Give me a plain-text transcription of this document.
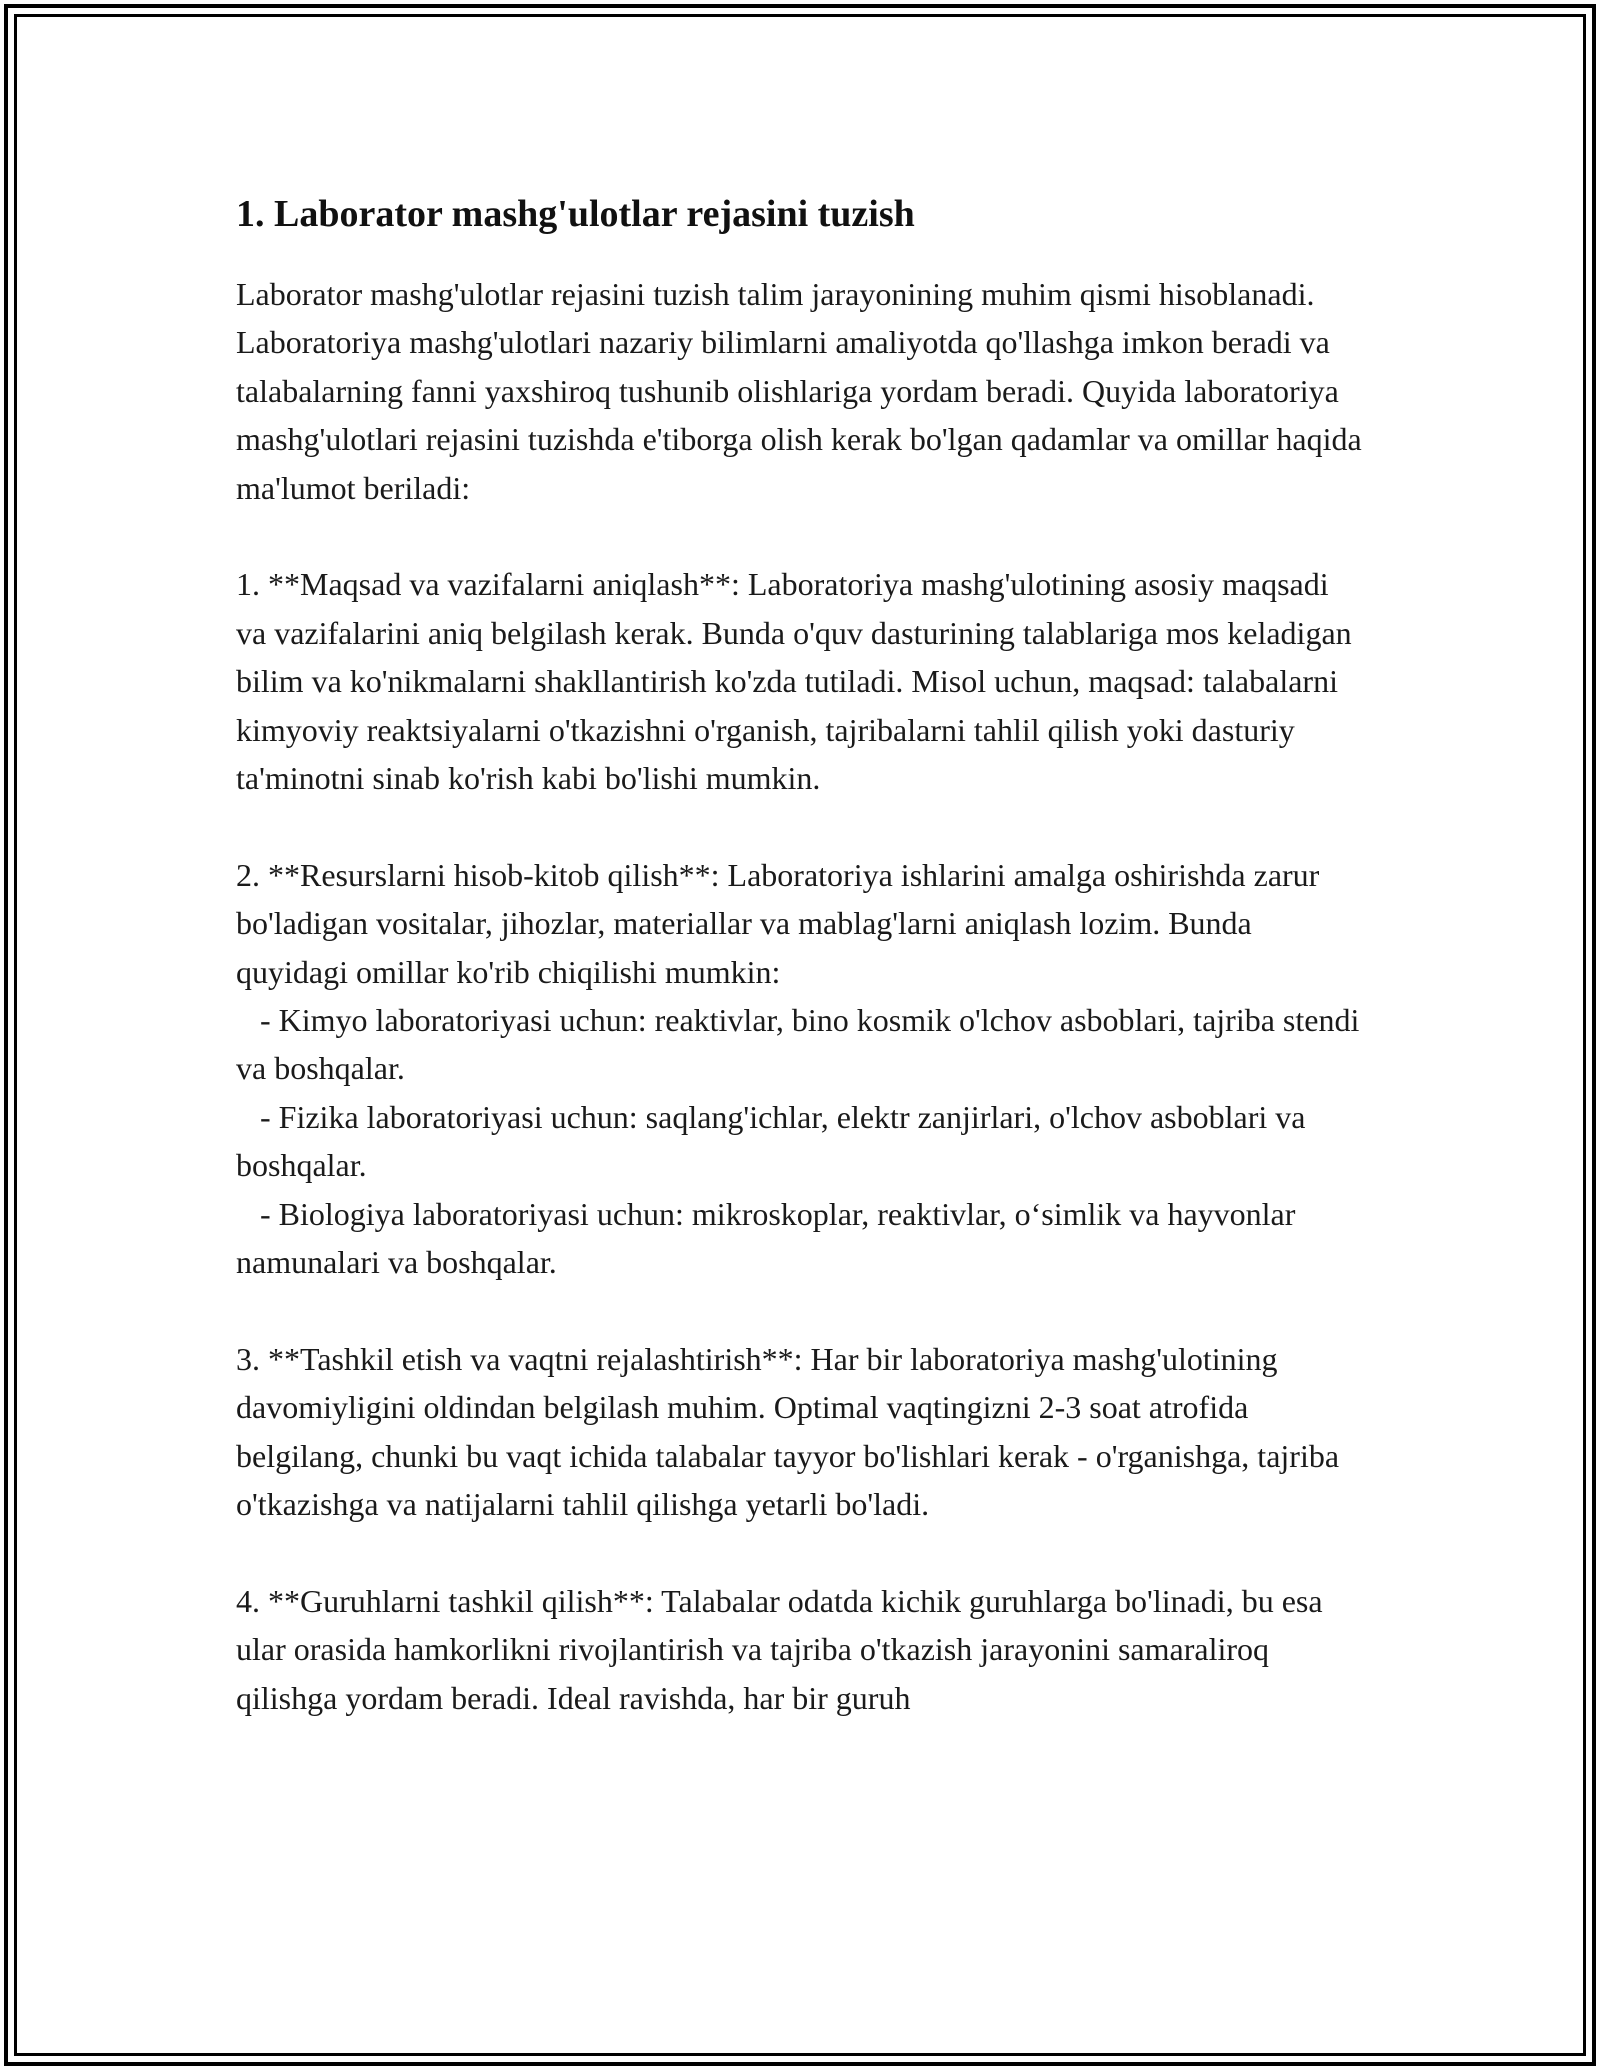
1. Laborator mashg'ulotlar rejasini tuzish

Laborator mashg'ulotlar rejasini tuzish talim jarayonining muhim qismi hisoblanadi. Laboratoriya mashg'ulotlari nazariy bilimlarni amaliyotda qo'llashga imkon beradi va talabalarning fanni yaxshiroq tushunib olishlariga yordam beradi. Quyida laboratoriya mashg'ulotlari rejasini tuzishda e'tiborga olish kerak bo'lgan qadamlar va omillar haqida ma'lumot beriladi:

1. **Maqsad va vazifalarni aniqlash**: Laboratoriya mashg'ulotining asosiy maqsadi va vazifalarini aniq belgilash kerak. Bunda o'quv dasturining talablariga mos keladigan bilim va ko'nikmalarni shakllantirish ko'zda tutiladi. Misol uchun, maqsad: talabalarni kimyoviy reaktsiyalarni o'tkazishni o'rganish, tajribalarni tahlil qilish yoki dasturiy ta'minotni sinab ko'rish kabi bo'lishi mumkin.

2. **Resurslarni hisob-kitob qilish**: Laboratoriya ishlarini amalga oshirishda zarur bo'ladigan vositalar, jihozlar, materiallar va mablag'larni aniqlash lozim. Bunda quyidagi omillar ko'rib chiqilishi mumkin:
- Kimyo laboratoriyasi uchun: reaktivlar, bino kosmik o'lchov asboblari, tajriba stendi va boshqalar.
- Fizika laboratoriyasi uchun: saqlang'ichlar, elektr zanjirlari, o'lchov asboblari va boshqalar.
- Biologiya laboratoriyasi uchun: mikroskoplar, reaktivlar, o‘simlik va hayvonlar namunalari va boshqalar.

3. **Tashkil etish va vaqtni rejalashtirish**: Har bir laboratoriya mashg'ulotining davomiyligini oldindan belgilash muhim. Optimal vaqtingizni 2-3 soat atrofida belgilang, chunki bu vaqt ichida talabalar tayyor bo'lishlari kerak - o'rganishga, tajriba o'tkazishga va natijalarni tahlil qilishga yetarli bo'ladi.

4. **Guruhlarni tashkil qilish**: Talabalar odatda kichik guruhlarga bo'linadi, bu esa ular orasida hamkorlikni rivojlantirish va tajriba o'tkazish jarayonini samaraliroq qilishga yordam beradi. Ideal ravishda, har bir guruh
